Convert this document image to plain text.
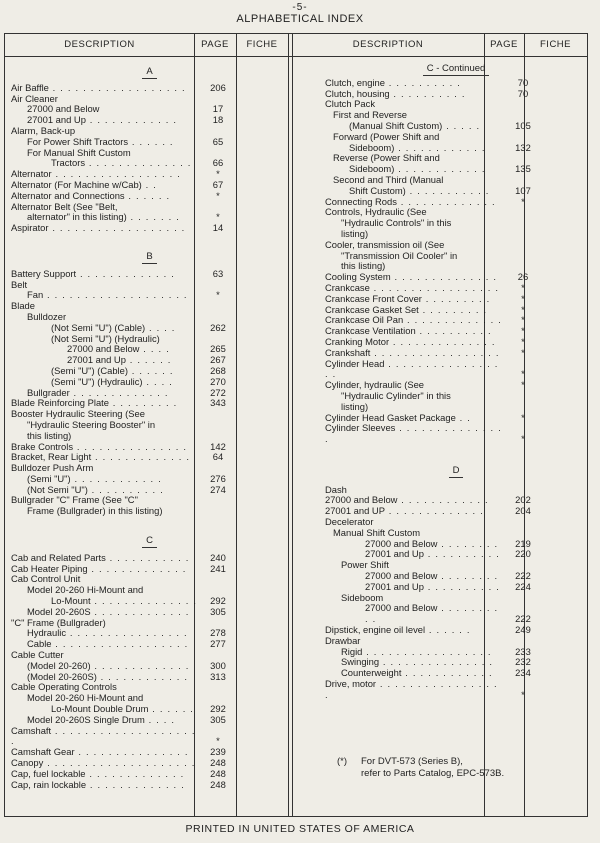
-5-
ALPHABETICAL INDEX
DESCRIPTION	PAGE	FICHE	DESCRIPTION	PAGE	FICHE
A
Air Baffle . . . . . . . . . . . . . . . . . .	206
Air Cleaner
27000 and Below	17
27001 and Up . . . . . . . . . . . .	18
Alarm, Back-up
For Power Shift Tractors . . . . . .	65
For Manual Shift Custom
Tractors . . . . . . . . . . . . . .	66
Alternator . . . . . . . . . . . . . . . . .	*
Alternator (For Machine w/Cab) . .	67
Alternator and Connections . . . . . .	*
Alternator Belt (See "Belt,
alternator" in this listing) . . . . . . .	*
Aspirator . . . . . . . . . . . . . . . . . .	14
B
Battery Support . . . . . . . . . . . . .	63
Belt
Fan . . . . . . . . . . . . . . . . . . .	*
Blade
Bulldozer
(Not Semi "U") (Cable) . . . .	262
(Not Semi "U") (Hydraulic)
27000 and Below . . . .	265
27001 and Up . . . . . .	267
(Semi "U") (Cable) . . . . . .	268
(Semi "U") (Hydraulic) . . . .	270
Bullgrader . . . . . . . . . . . . .	272
Blade Reinforcing Plate . . . . . . . . .	343
Booster Hydraulic Steering (See
"Hydraulic Steering Booster" in
this listing)
Brake Controls . . . . . . . . . . . . . . .	142
Bracket, Rear Light . . . . . . . . . . . . .	64
Bulldozer Push Arm
(Semi "U") . . . . . . . . . . . .	276
(Not Semi "U") . . . . . . . . . .	274
Bullgrader "C" Frame (See "C"
Frame (Bullgrader) in this listing)
C
Cab and Related Parts . . . . . . . . . . .	240
Cab Heater Piping . . . . . . . . . . . . .	241
Cab Control Unit
Model 20-260 Hi-Mount and
Lo-Mount . . . . . . . . . . . . . .	292
Model 20-260S . . . . . . . . . . . . .	305
"C" Frame (Bullgrader)
Hydraulic . . . . . . . . . . . . . . . .	278
Cable . . . . . . . . . . . . . . . . . .	277
Cable Cutter
(Model 20-260) . . . . . . . . . . . . .	300
(Model 20-260S) . . . . . . . . . . . .	313
Cable Operating Controls
Model 20-260 Hi-Mount and
Lo-Mount Double Drum . . . . . .	292
Model 20-260S Single Drum . . . .	305
Camshaft . . . . . . . . . . . . . . . . . . . .	*
Camshaft Gear . . . . . . . . . . . . . . .	239
Canopy . . . . . . . . . . . . . . . . . . . .	248
Cap, fuel lockable . . . . . . . . . . . . .	248
Cap, rain lockable . . . . . . . . . . . . .	248
C - Continued
Clutch, engine . . . . . . . . . .	70
Clutch, housing . . . . . . . . . .	70
Clutch Pack
First and Reverse
(Manual Shift Custom) . . . . .	105
Forward (Power Shift and
Sideboom) . . . . . . . . . . . .	132
Reverse (Power Shift and
Sideboom) . . . . . . . . . . . .	135
Second and Third (Manual
Shift Custom) . . . . . . . . . . .	107
Connecting Rods . . . . . . . . . . . . .	*
Controls, Hydraulic (See
"Hydraulic Controls" in this
listing)
Cooler, transmission oil (See
"Transmission Oil Cooler" in
this listing)
Cooling System . . . . . . . . . . . . . .	26
Crankcase . . . . . . . . . . . . . . . . .	*
Crankcase Front Cover . . . . . . . . .	*
Crankcase Gasket Set . . . . . . . . .	*
Crankcase Oil Pan . . . . . . . . . . . . .	*
Crankcase Ventilation . . . . . . . . . .	*
Cranking Motor . . . . . . . . . . . . . .	*
Crankshaft . . . . . . . . . . . . . . . . .	*
Cylinder Head . . . . . . . . . . . . . . . . .	*
Cylinder, hydraulic (See	*
"Hydraulic Cylinder" in this
listing)
Cylinder Head Gasket Package . .	*
Cylinder Sleeves . . . . . . . . . . . . . . .	*
D
Dash
27000 and Below . . . . . . . . . . . .	202
27001 and UP . . . . . . . . . . . . .	204
Decelerator
Manual Shift Custom
27000 and Below . . . . . . . .	219
27001 and Up . . . . . . . . . .	220
Power Shift
27000 and Below . . . . . . . .	222
27001 and Up . . . . . . . . . .	224
Sideboom
27000 and Below . . . . . . . . . .	222
Dipstick, engine oil level . . . . . .	249
Drawbar
Rigid . . . . . . . . . . . . . . . . .	233
Swinging . . . . . . . . . . . . . . .	232
Counterweight . . . . . . . . . . . .	234
Drive, motor . . . . . . . . . . . . . . . . .	*
(*) For DVT-573 (Series B),
refer to Parts Catalog, EPC-573B.
PRINTED IN UNITED STATES OF AMERICA
